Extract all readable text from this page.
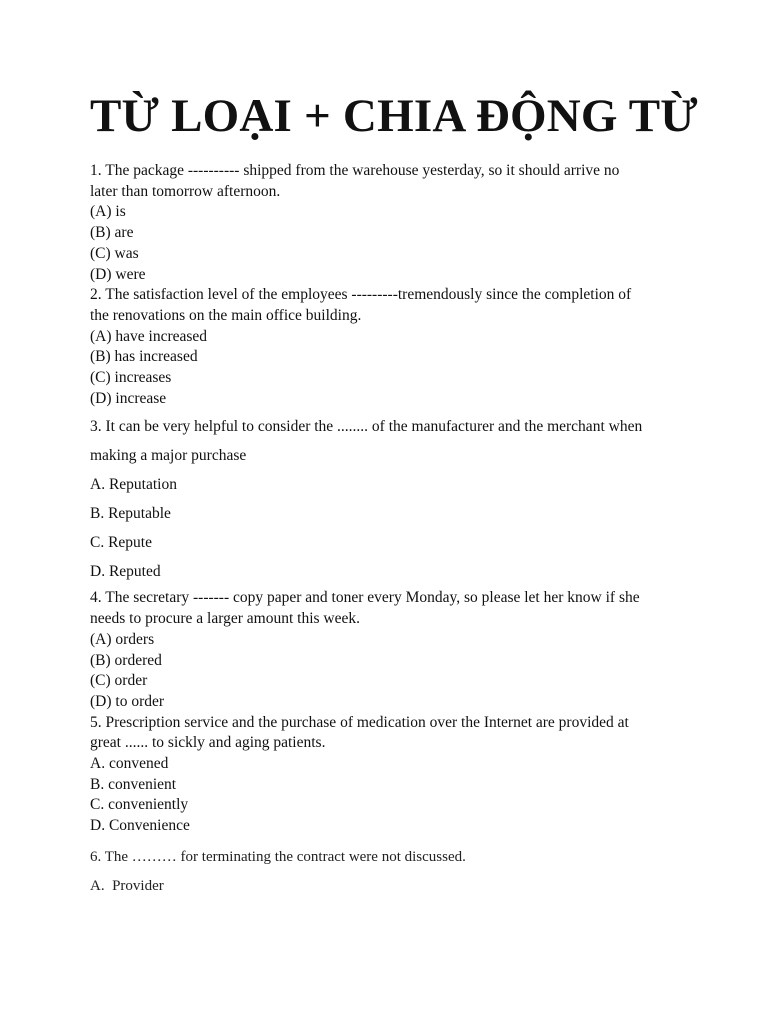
TỪ LOẠI + CHIA ĐỘNG TỪ
1. The package ---------- shipped from the warehouse yesterday, so it should arrive no
later than tomorrow afternoon.
(A) is
(B) are
(C) was
(D) were
2. The satisfaction level of the employees ---------tremendously since the completion of
the renovations on the main office building.
(A) have increased
(B) has increased
(C) increases
(D) increase
3. It can be very helpful to consider the ........ of the manufacturer and the merchant when
making a major purchase
A. Reputation
B. Reputable
C. Repute
D. Reputed
4. The secretary ------- copy paper and toner every Monday, so please let her know if she
needs to procure a larger amount this week.
(A) orders
(B) ordered
(C) order
(D) to order
5. Prescription service and the purchase of medication over the Internet are provided at
great ...... to sickly and aging patients.
A. convened
B. convenient
C. conveniently
D. Convenience
6. The ……… for terminating the contract were not discussed.
A.  Provider
